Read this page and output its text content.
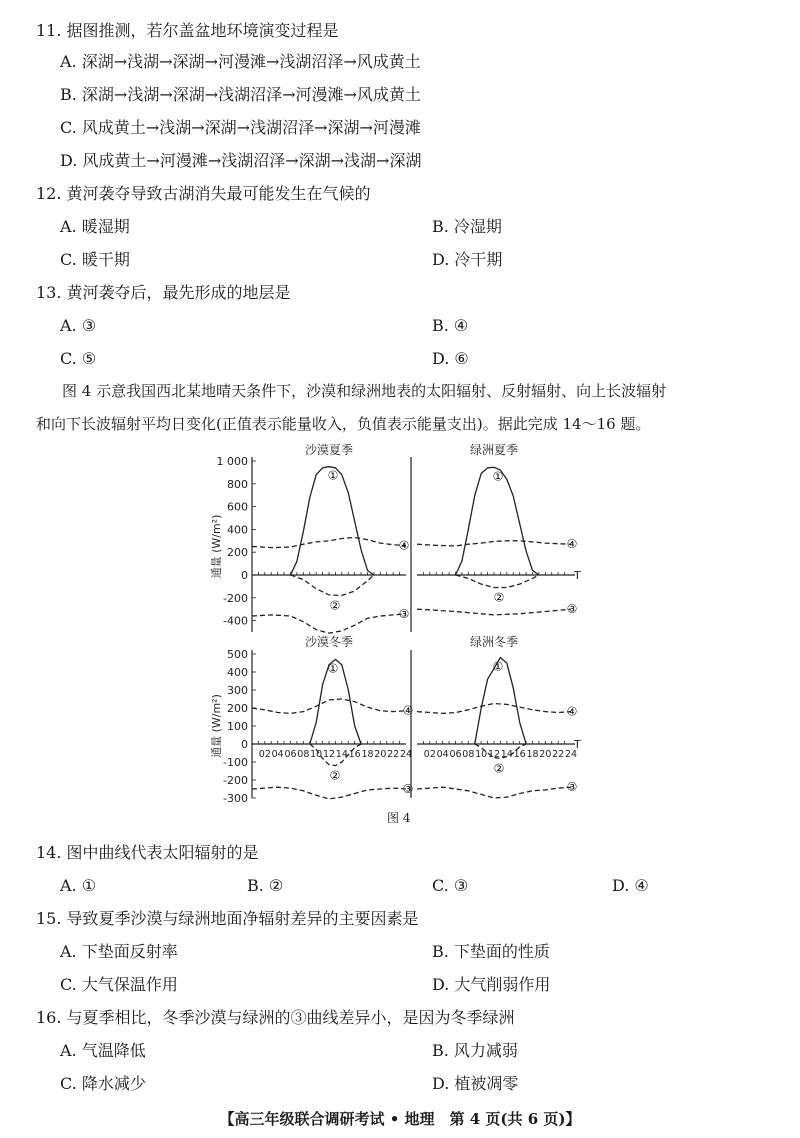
11. 据图推测，若尔盖盆地环境演变过程是
A. 深湖→浅湖→深湖→河漫滩→浅湖沼泽→风成黄土
B. 深湖→浅湖→深湖→浅湖沼泽→河漫滩→风成黄土
C. 风成黄土→浅湖→深湖→浅湖沼泽→深湖→河漫滩
D. 风成黄土→河漫滩→浅湖沼泽→深湖→浅湖→深湖
12. 黄河袭夺导致古湖消失最可能发生在气候的
A. 暖湿期	B. 冷湿期
C. 暖干期	D. 冷干期
13. 黄河袭夺后，最先形成的地层是
A. ③	B. ④
C. ⑤	D. ⑥
图 4 示意我国西北某地晴天条件下，沙漠和绿洲地表的太阳辐射、反射辐射、向上长波辐射
和向下长波辐射平均日变化(正值表示能量收入，负值表示能量支出)。据此完成 14～16 题。
沙漠夏季
1 000
800
600
400
200
0
-200
-400
通量 (W/m²)
①
②
③
④
绿洲夏季
T
①
②
③
④
沙漠冬季
500
400
300
200
100
0
-100
-200
-300
通量 (W/m²)	02 04 06 08 10 12 14 16 18 20 22 24
①
②
③
④
绿洲冬季
T
02 04 06 08 10 12 14 16 18 20 22 24
①
②
③
④
图 4
14. 图中曲线代表太阳辐射的是
A. ①	B. ②	C. ③	D. ④
15. 导致夏季沙漠与绿洲地面净辐射差异的主要因素是
A. 下垫面反射率	B. 下垫面的性质
C. 大气保温作用	D. 大气削弱作用
16. 与夏季相比，冬季沙漠与绿洲的③曲线差异小，是因为冬季绿洲
A. 气温降低	B. 风力减弱
C. 降水减少	D. 植被凋零
【高三年级联合调研考试 • 地理　第 4 页(共 6 页)】
